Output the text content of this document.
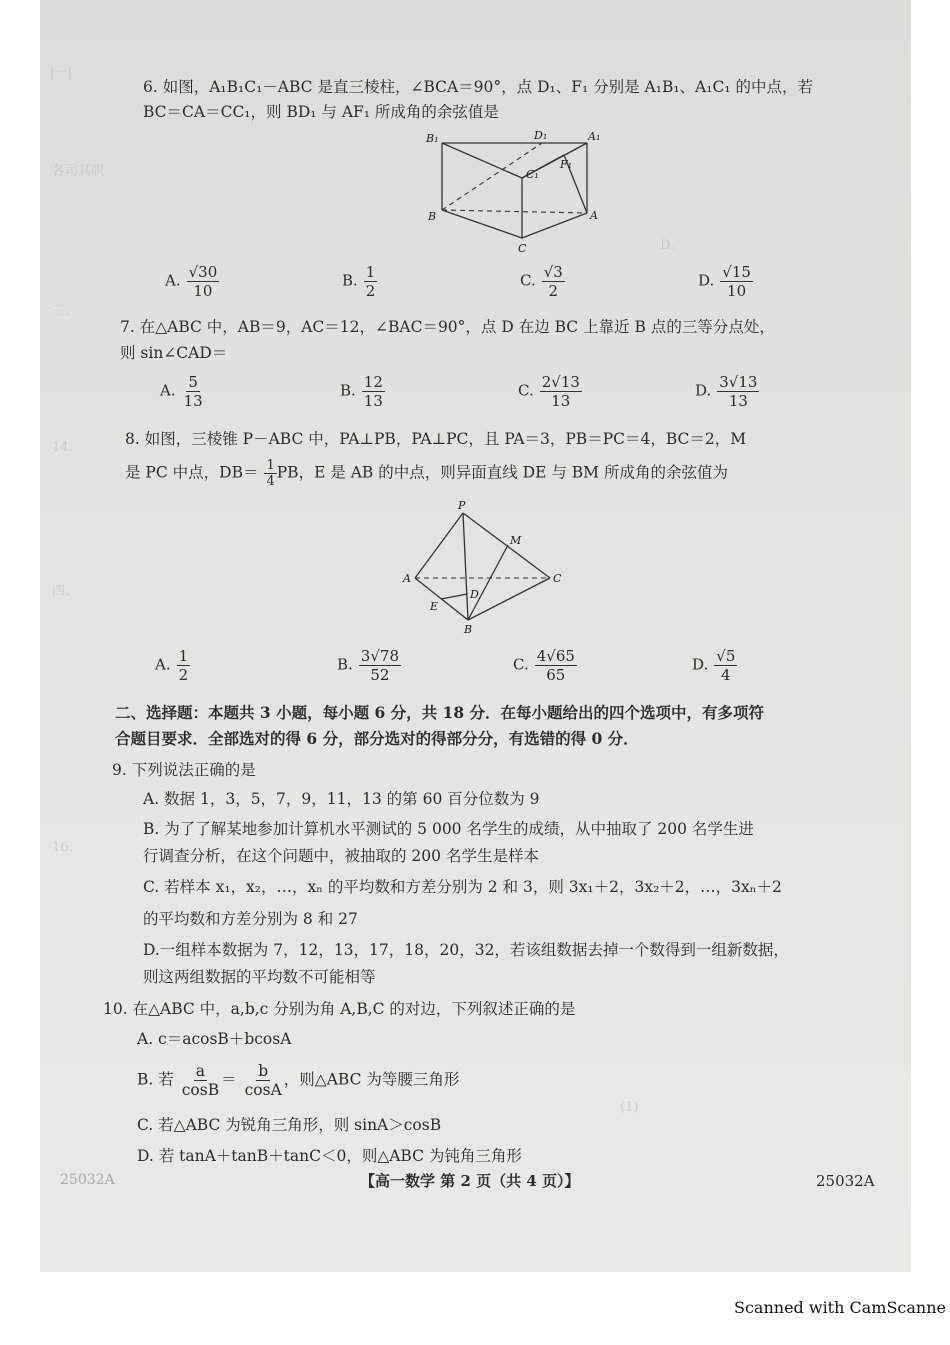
|一|
各司其职
D.
三、
14.
四、
16.
(1)
6. 如图，A₁B₁C₁－ABC 是直三棱柱，∠BCA＝90°，点 D₁、F₁ 分别是 A₁B₁、A₁C₁ 的中点，若
BC＝CA＝CC₁，则 BD₁ 与 AF₁ 所成角的余弦值是
B₁	D₁	A₁
F₁
C₁
B	A
C
A. $\frac{√30}{10}$	B. $\frac{1}{2}$	C. $\frac{√3}{2}$	D. $\frac{√15}{10}$
7. 在△ABC 中，AB＝9，AC＝12，∠BAC＝90°，点 D 在边 BC 上靠近 B 点的三等分点处，
则 sin∠CAD＝
A. $\frac{5}{13}$	B. $\frac{12}{13}$	C. $\frac{2√13}{13}$	D. $\frac{3√13}{13}$
8. 如图，三棱锥 P－ABC 中，PA⊥PB，PA⊥PC，且 PA＝3，PB＝PC＝4，BC＝2，M
是 PC 中点，$DB= \frac{1}{4}$ PB，E 是 AB 的中点，则异面直线 DE 与 BM 所成角的余弦值为
P
M
A	C
D
E
B
A. $\frac{1}{2}$	B. $\frac{3√78}{52}$	C. $\frac{4√65}{65}$	D. $\frac{√5}{4}$
二、选择题：本题共 3 小题，每小题 6 分，共 18 分．在每小题给出的四个选项中，有多项符
合题目要求．全部选对的得 6 分，部分选对的得部分分，有选错的得 0 分．
9. 下列说法正确的是
A. 数据 1，3，5，7，9，11，13 的第 60 百分位数为 9
B. 为了了解某地参加计算机水平测试的 5 000 名学生的成绩，从中抽取了 200 名学生进
行调查分析，在这个问题中，被抽取的 200 名学生是样本
C. 若样本 x₁，x₂，…，xₙ 的平均数和方差分别为 2 和 3，则 3x₁＋2，3x₂＋2，…，3xₙ＋2
的平均数和方差分别为 8 和 27
D.一组样本数据为 7，12，13，17，18，20，32，若该组数据去掉一个数得到一组新数据，
则这两组数据的平均数不可能相等
10. 在△ABC 中，a,b,c 分别为角 A,B,C 的对边，下列叙述正确的是
A. c＝acosB＋bcosA
B. 若 $\frac{a}{\cos B} = \frac{b}{\cos A}$ ，则△ABC 为等腰三角形
C. 若△ABC 为锐角三角形，则 sinA＞cosB
D. 若 tanA＋tanB＋tanC＜0，则△ABC 为钝角三角形
25032A	【高一数学 第 2 页（共 4 页）】	25032A
Scanned with CamScanne
